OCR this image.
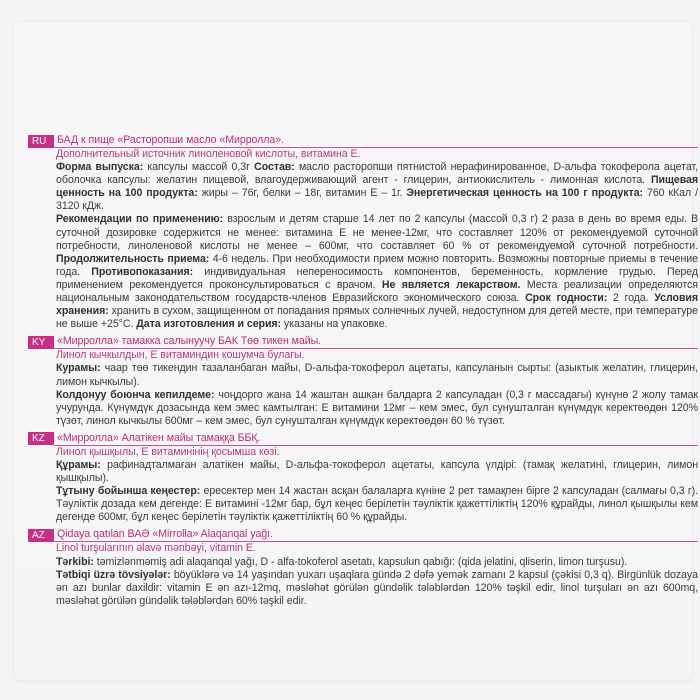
RU	БАД к пище «Расторопши масло «Мирролла».
Дополнительный источник линоленовой кислоты, витамина Е.

Форма выпуска: капсулы массой 0,3г Состав: масло расторопши пятнистой нерафинированное, D-альфа токоферола ацетат, оболочка капсулы: желатин пищевой, влагоудерживающий агент - глицерин, антиокислитель - лимонная кислота. Пищевая ценность на 100 продукта: жиры – 76г, белки – 18г, витамин Е – 1г. Энергетическая ценность на 100 г продукта: 760 кКал / 3120 кДж.

Рекомендации по применению: взрослым и детям старше 14 лет по 2 капсулы (массой 0,3 г) 2 раза в день во время еды. В суточной дозировке содержится не менее: витамина Е не менее-12мг, что составляет 120% от рекомендуемой суточной потребности, линоленовой кислоты не менее – 600мг, что составляет 60 % от рекомендуемой суточной потребности. Продолжительность приема: 4-6 недель. При необходимости прием можно повторить. Возможны повторные приемы в течение года. Противопоказания: индивидуальная непереносимость компонентов, беременность, кормление грудью. Перед применением рекомендуется проконсультироваться с врачом. Не является лекарством. Места реализации определяются национальным законодательством государств-членов Евразийского экономического союза. Срок годности: 2 года. Условия хранения: хранить в сухом, защищенном от попадания прямых солнечных лучей, недоступном для детей месте, при температуре не выше +25°С. Дата изготовления и серия: указаны на упаковке.

KY	«Мирролла» тамакка салынуучу БАК Төө тикен майы.
Линол кычкылдын, Е витаминдин кошумча булагы.

Курамы: чаар төө тикендин тазаланбаган майы, D-альфа-токоферол ацетаты, капсуланын сырты: (азыктык желатин, глицерин, лимон кычкылы).

Колдонуу боюнча кепилдеме: чоңдорго жана 14 жаштан ашкан балдарга 2 капсуладан (0,3 г массадагы) күнүнө 2 жолу тамак учурунда. Күнүмдүк дозасында кем эмес камтылган: Е витамини 12мг – кем эмес, бул сунушталган күнүмдүк керектөөдөн 120% түзөт, линол кычкылы 600мг – кем эмес, бул сунушталган күнүмдүк керектөөдөн 60 % түзөт.

KZ	«Мирролла» Алатікен майы тамаққа ББҚ.
Линол қышқылы, Е витаминінің қосымша көзі.

Құрамы: рафинадталмаған алатікен майы, D-альфа-токоферол ацетаты, капсула үлдірі: (тамақ желатині, глицерин, лимон қышқылы).

Тұтыну бойынша кеңестер: ересектер мен 14 жастан асқан балаларға күніне 2 рет тамақпен бірге 2 капсуладан (салмағы 0,3 г). Тәуліктік дозада кем дегенде: Е витамині -12мг бар, бұл кеңес берілетін тәуліктік қажеттіліктің 120% құрайды, линол қышқылы кем дегенде 600мг, бұл кеңес берілетін тәуліктік қажеттіліктің 60 % құрайды.

AZ	Qidaya qatılan BAƏ «Mirrolla» Alaqanqal yağı.
Linol turşularının əlavə mənbəyi, vitamin E.

Tərkibi: təmizlənməmiş adi alaqanqal yağı, D - alfa-tokoferol asetatı, kapsulun qabığı: (qida jelatini, qliserin, limon turşusu).

Tətbiqi üzrə tövsiyələr: böyüklərə və 14 yaşından yuxarı uşaqlara gündə 2 dəfə yemək zamanı 2 kapsul (çəkisi 0,3 q). Birgünlük dozaya ən azı bunlar daxildir: vitamin E ən azı-12mq, məsləhət görülən gündəlik tələblərdən 120% təşkil edir, linol turşuları ən azı 600mq, məsləhət görülən gündəlik tələblərdən 60% təşkil edir.
